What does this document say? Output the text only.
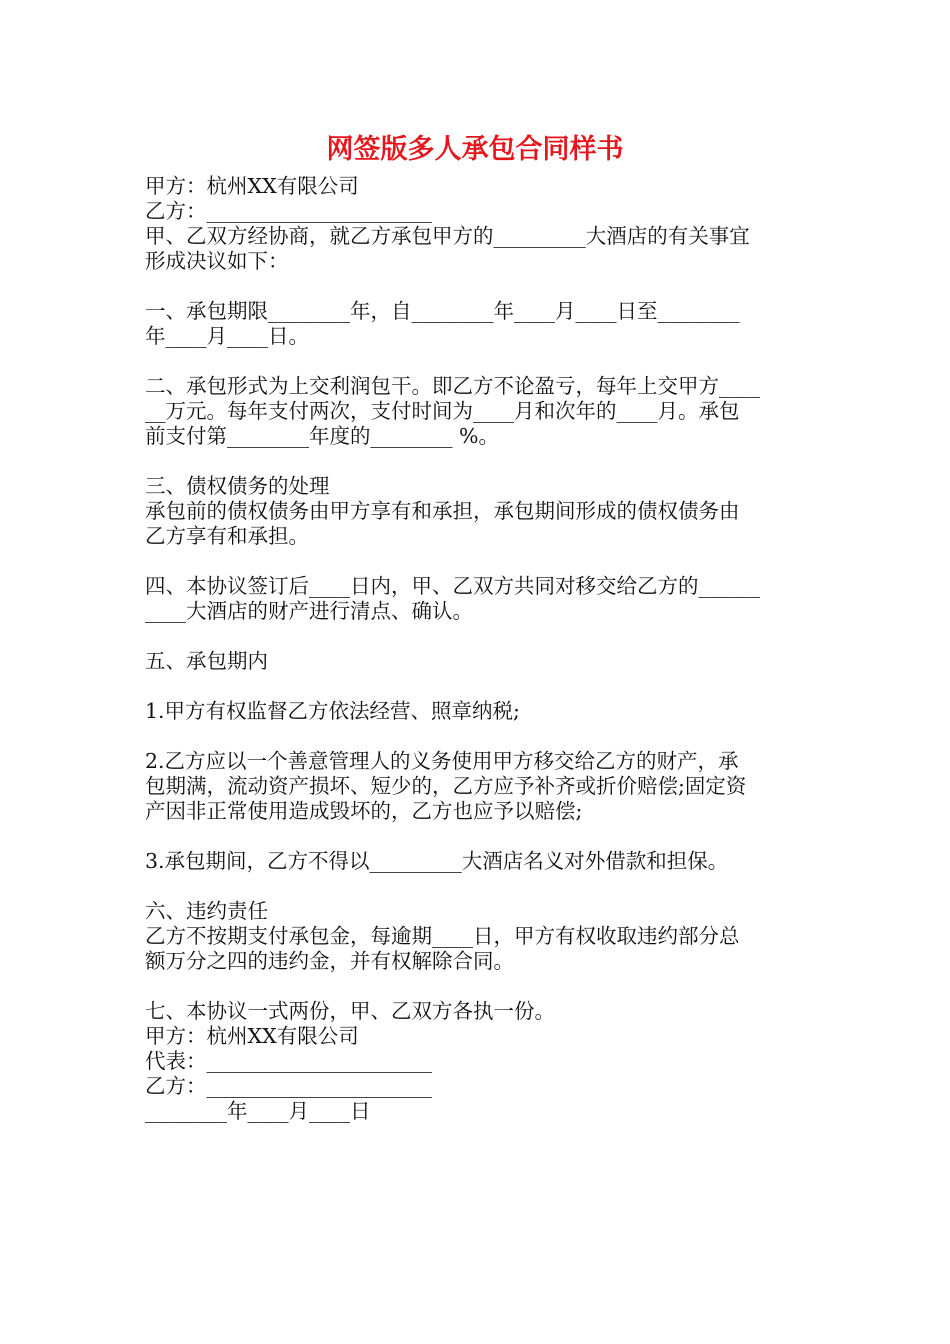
网签版多人承包合同样书
甲方：杭州XX有限公司
乙方：______________________
甲、乙双方经协商，就乙方承包甲方的_________大酒店的有关事宜
形成决议如下：
一、承包期限________年，自________年____月____日至________
年____月____日。
二、承包形式为上交利润包干。即乙方不论盈亏，每年上交甲方____
__万元。每年支付两次，支付时间为____月和次年的____月。承包
前支付第________年度的________ %。
三、债权债务的处理
承包前的债权债务由甲方享有和承担，承包期间形成的债权债务由
乙方享有和承担。
四、本协议签订后____日内，甲、乙双方共同对移交给乙方的______
____大酒店的财产进行清点、确认。
五、承包期内
1.甲方有权监督乙方依法经营、照章纳税;
2.乙方应以一个善意管理人的义务使用甲方移交给乙方的财产，承
包期满，流动资产损坏、短少的，乙方应予补齐或折价赔偿;固定资
产因非正常使用造成毁坏的，乙方也应予以赔偿;
3.承包期间，乙方不得以_________大酒店名义对外借款和担保。
六、违约责任
乙方不按期支付承包金，每逾期____日，甲方有权收取违约部分总
额万分之四的违约金，并有权解除合同。
七、本协议一式两份，甲、乙双方各执一份。
甲方：杭州XX有限公司
代表：______________________
乙方：______________________
________年____月____日
